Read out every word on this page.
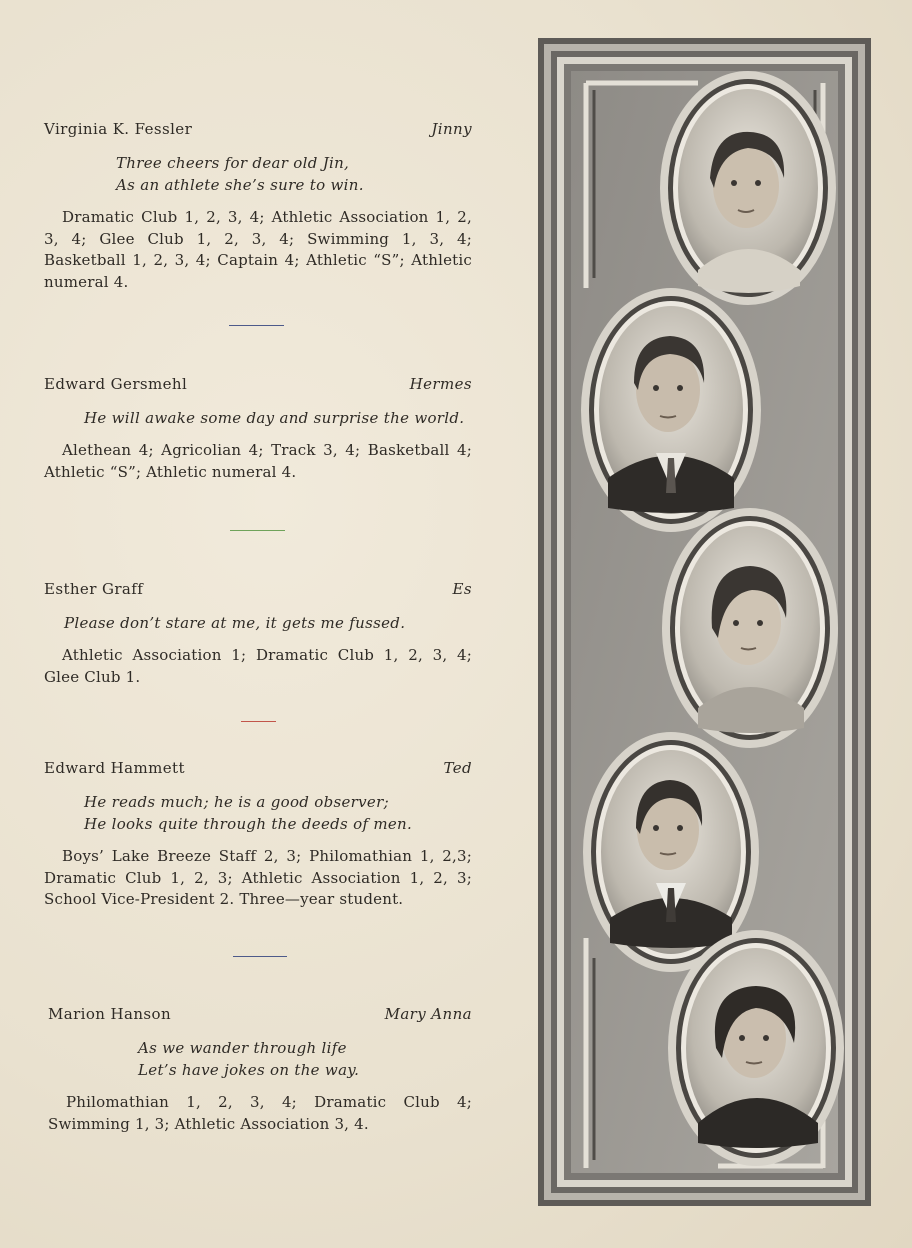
Virginia K. Fessler	Jinny
Three cheers for dear old Jin,
As an athlete she’s sure to win.
Dramatic Club 1, 2, 3, 4; Athletic Association 1, 2, 3, 4; Glee Club 1, 2, 3, 4; Swimming 1, 3, 4; Basketball 1, 2, 3, 4; Captain 4; Athletic “S”; Athletic numeral 4.
Edward Gersmehl	Hermes
He will awake some day and surprise the world.
Alethean 4; Agricolian 4; Track 3, 4; Basketball 4; Athletic “S”; Athletic numeral 4.
Esther Graff	Es
Please don’t stare at me, it gets me fussed.
Athletic Association 1; Dramatic Club 1, 2, 3, 4; Glee Club 1.
Edward Hammett	Ted
He reads much; he is a good observer;
He looks quite through the deeds of men.
Boys’ Lake Breeze Staff 2, 3; Philomathian 1, 2,3; Dramatic Club 1, 2, 3; Athletic Association 1, 2, 3; School Vice-President 2. Three—year student.
Marion Hanson	Mary Anna
As we wander through life
Let’s have jokes on the way.
Philomathian 1, 2, 3, 4; Dramatic Club 4; Swimming 1, 3; Athletic Association 3, 4.
